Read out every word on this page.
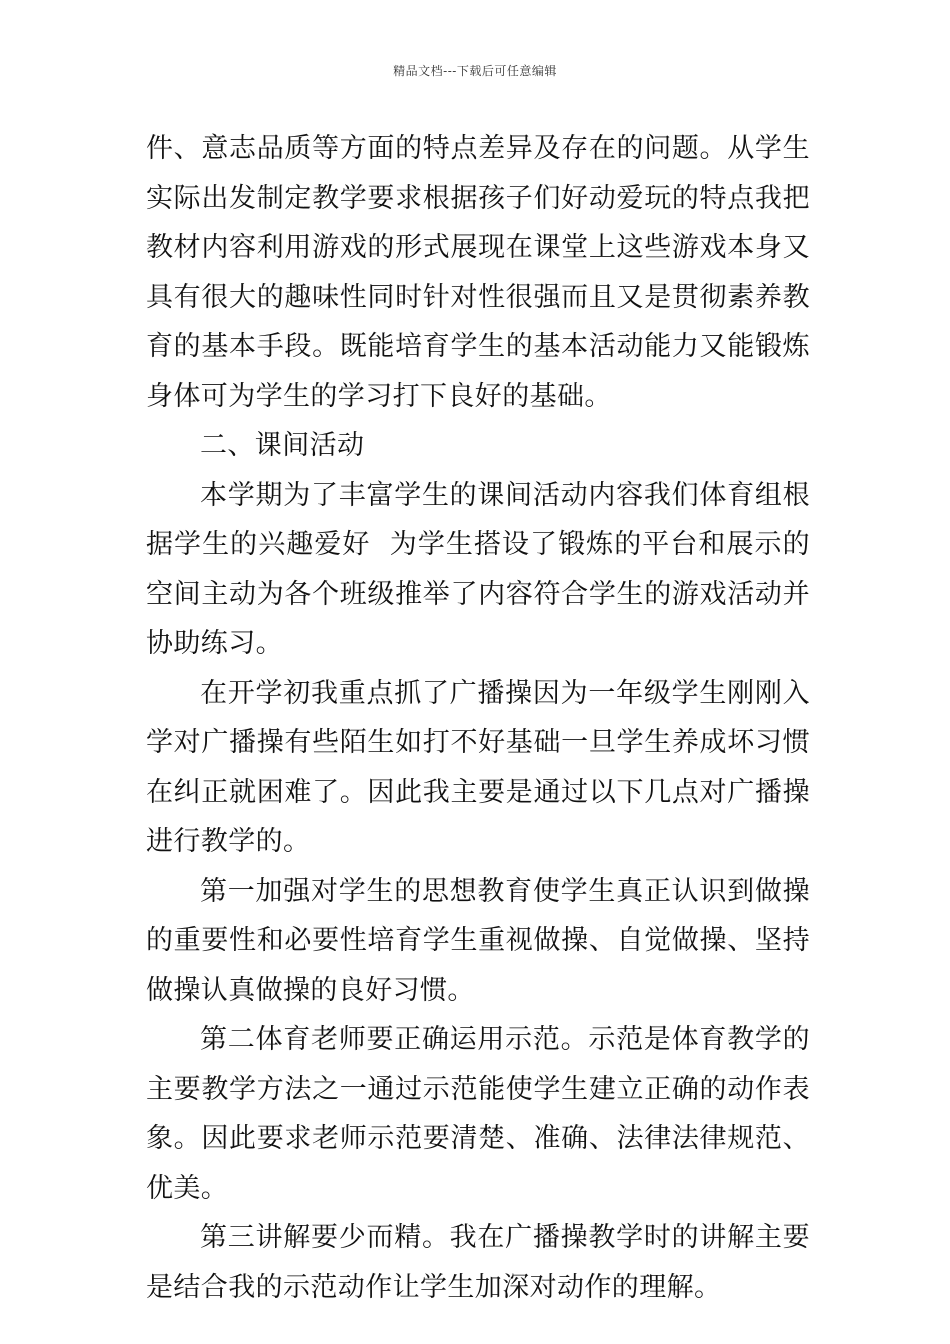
精品文档---下载后可任意编辑

件、意志品质等方面的特点差异及存在的问题。从学生实际出发制定教学要求根据孩子们好动爱玩的特点我把教材内容利用游戏的形式展现在课堂上这些游戏本身又具有很大的趣味性同时针对性很强而且又是贯彻素养教育的基本手段。既能培育学生的基本活动能力又能锻炼身体可为学生的学习打下良好的基础。

二、课间活动

本学期为了丰富学生的课间活动内容我们体育组根据学生的兴趣爱好  为学生搭设了锻炼的平台和展示的空间主动为各个班级推举了内容符合学生的游戏活动并协助练习。

在开学初我重点抓了广播操因为一年级学生刚刚入学对广播操有些陌生如打不好基础一旦学生养成坏习惯在纠正就困难了。因此我主要是通过以下几点对广播操进行教学的。

第一加强对学生的思想教育使学生真正认识到做操的重要性和必要性培育学生重视做操、自觉做操、坚持做操认真做操的良好习惯。

第二体育老师要正确运用示范。示范是体育教学的主要教学方法之一通过示范能使学生建立正确的动作表象。因此要求老师示范要清楚、准确、法律法律规范、优美。

第三讲解要少而精。我在广播操教学时的讲解主要是结合我的示范动作让学生加深对动作的理解。
